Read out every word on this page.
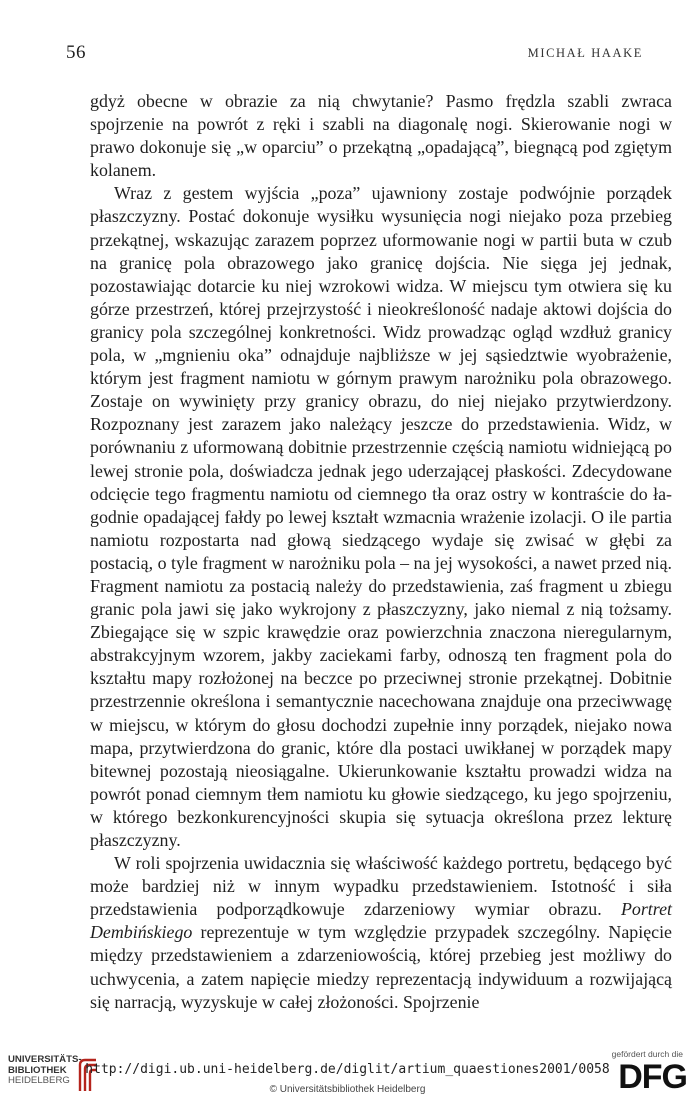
56	MICHAŁ HAAKE

gdyż obecne w obrazie za nią chwytanie? Pasmo frędzla szabli zwraca spojrzenie na powrót z ręki i szabli na diagonalę nogi. Skierowanie nogi w prawo dokonuje się „w oparciu” o przekątną „opadającą”, biegnącą pod zgiętym kolanem.

Wraz z gestem wyjścia „poza” ujawniony zostaje podwójnie porządek płaszczyzny. Postać dokonuje wysiłku wysunięcia nogi niejako poza przebieg przekątnej, wskazując zarazem poprzez uformowanie nogi w partii buta w czub na granicę pola obrazowego jako granicę dojścia. Nie sięga jej jednak, pozostawiając dotarcie ku niej wzrokowi widza. W miejscu tym otwiera się ku górze przestrzeń, której przejrzystość i nieokreśloność nadaje aktowi dojścia do granicy pola szczególnej konkretności. Widz prowadząc ogląd wzdłuż granicy pola, w „mgnieniu oka” odnajduje najbliższe w jej sąsiedztwie wyobrażenie, którym jest fragment namiotu w górnym prawym narożniku pola obrazowego. Zostaje on wywinięty przy granicy obrazu, do niej niejako przytwierdzony. Rozpoznany jest zarazem jako należący jeszcze do przedstawienia. Widz, w porównaniu z uformowaną dobitnie przestrzennie częścią namiotu widniejącą po lewej stronie pola, doświadcza jednak jego uderzającej płaskości. Zdecydowane odcięcie tego fragmentu namiotu od ciemnego tła oraz ostry w kontraście do łagodnie opadającej fałdy po lewej kształt wzmacnia wrażenie izolacji. O ile partia namiotu rozpostarta nad głową siedzącego wydaje się zwisać w głębi za postacią, o tyle fragment w narożniku pola – na jej wysokości, a nawet przed nią. Fragment namiotu za postacią należy do przedstawienia, zaś fragment u zbiegu granic pola jawi się jako wykrojony z płaszczyzny, jako niemal z nią tożsamy. Zbiegające się w szpic krawędzie oraz powierzchnia znaczona nieregularnym, abstrakcyjnym wzorem, jakby zaciekami farby, odnoszą ten fragment pola do kształtu mapy rozłożonej na beczce po przeciwnej stronie przekątnej. Dobitnie przestrzennie określona i semantycznie nacechowana znajduje ona przeciwwagę w miejscu, w którym do głosu dochodzi zupełnie inny porządek, niejako nowa mapa, przytwierdzona do granic, które dla postaci uwikłanej w porządek mapy bitewnej pozostają nieosiągalne. Ukierunkowanie kształtu prowadzi widza na powrót ponad ciemnym tłem namiotu ku głowie siedzącego, ku jego spojrzeniu, w którego bezkonkurencyjności skupia się sytuacja określona przez lekturę płaszczyzny.

W roli spojrzenia uwidacznia się właściwość każdego portretu, będącego być może bardziej niż w innym wypadku przedstawieniem. Istotność i siła przedstawienia podporządkowuje zdarzeniowy wymiar obrazu. Portret Dembińskiego reprezentuje w tym względzie przypadek szczególny. Napięcie między przedstawieniem a zdarzeniowością, której przebieg jest możliwy do uchwycenia, a zatem napięcie miedzy reprezentacją indywiduum a rozwijającą się narracją, wyzyskuje w całej złożoności. Spojrzenie

UNIVERSITÄTS-
BIBLIOTHEK
HEIDELBERG
http://digi.ub.uni-heidelberg.de/diglit/artium_quaestiones2001/0058
© Universitätsbibliothek Heidelberg
gefördert durch die
DFG
